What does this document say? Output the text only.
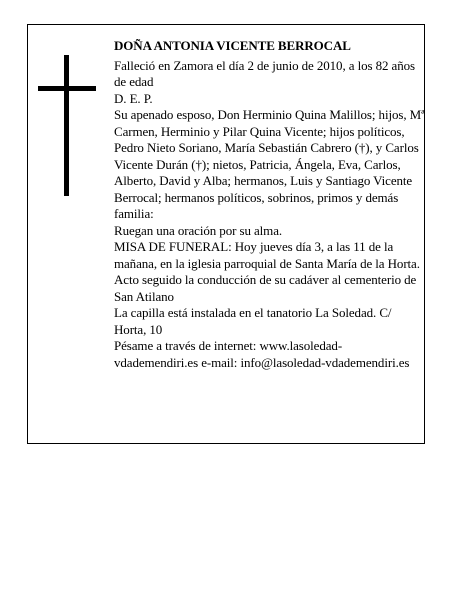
DOÑA ANTONIA VICENTE BERROCAL

Falleció en Zamora el día 2 de junio de 2010, a los 82 años de edad

D. E. P.

Su apenado esposo, Don Herminio Quina Malillos; hijos, Mª Carmen, Herminio y Pilar Quina Vicente; hijos políticos, Pedro Nieto Soriano, María Sebastián Cabrero (†), y Carlos Vicente Durán (†); nietos, Patricia, Ángela, Eva, Carlos, Alberto, David y Alba; hermanos, Luis y Santiago Vicente Berrocal; hermanos políticos, sobrinos, primos y demás familia:

Ruegan una oración por su alma.

MISA DE FUNERAL: Hoy jueves día 3, a las 11 de la mañana, en la iglesia parroquial de Santa María de la Horta. Acto seguido la conducción de su cadáver al cementerio de San Atilano

La capilla está instalada en el tanatorio La Soledad. C/ Horta, 10

Pésame a través de internet: www.lasoledad-vdademendiri.es e-mail: info@lasoledad-vdademendiri.es
